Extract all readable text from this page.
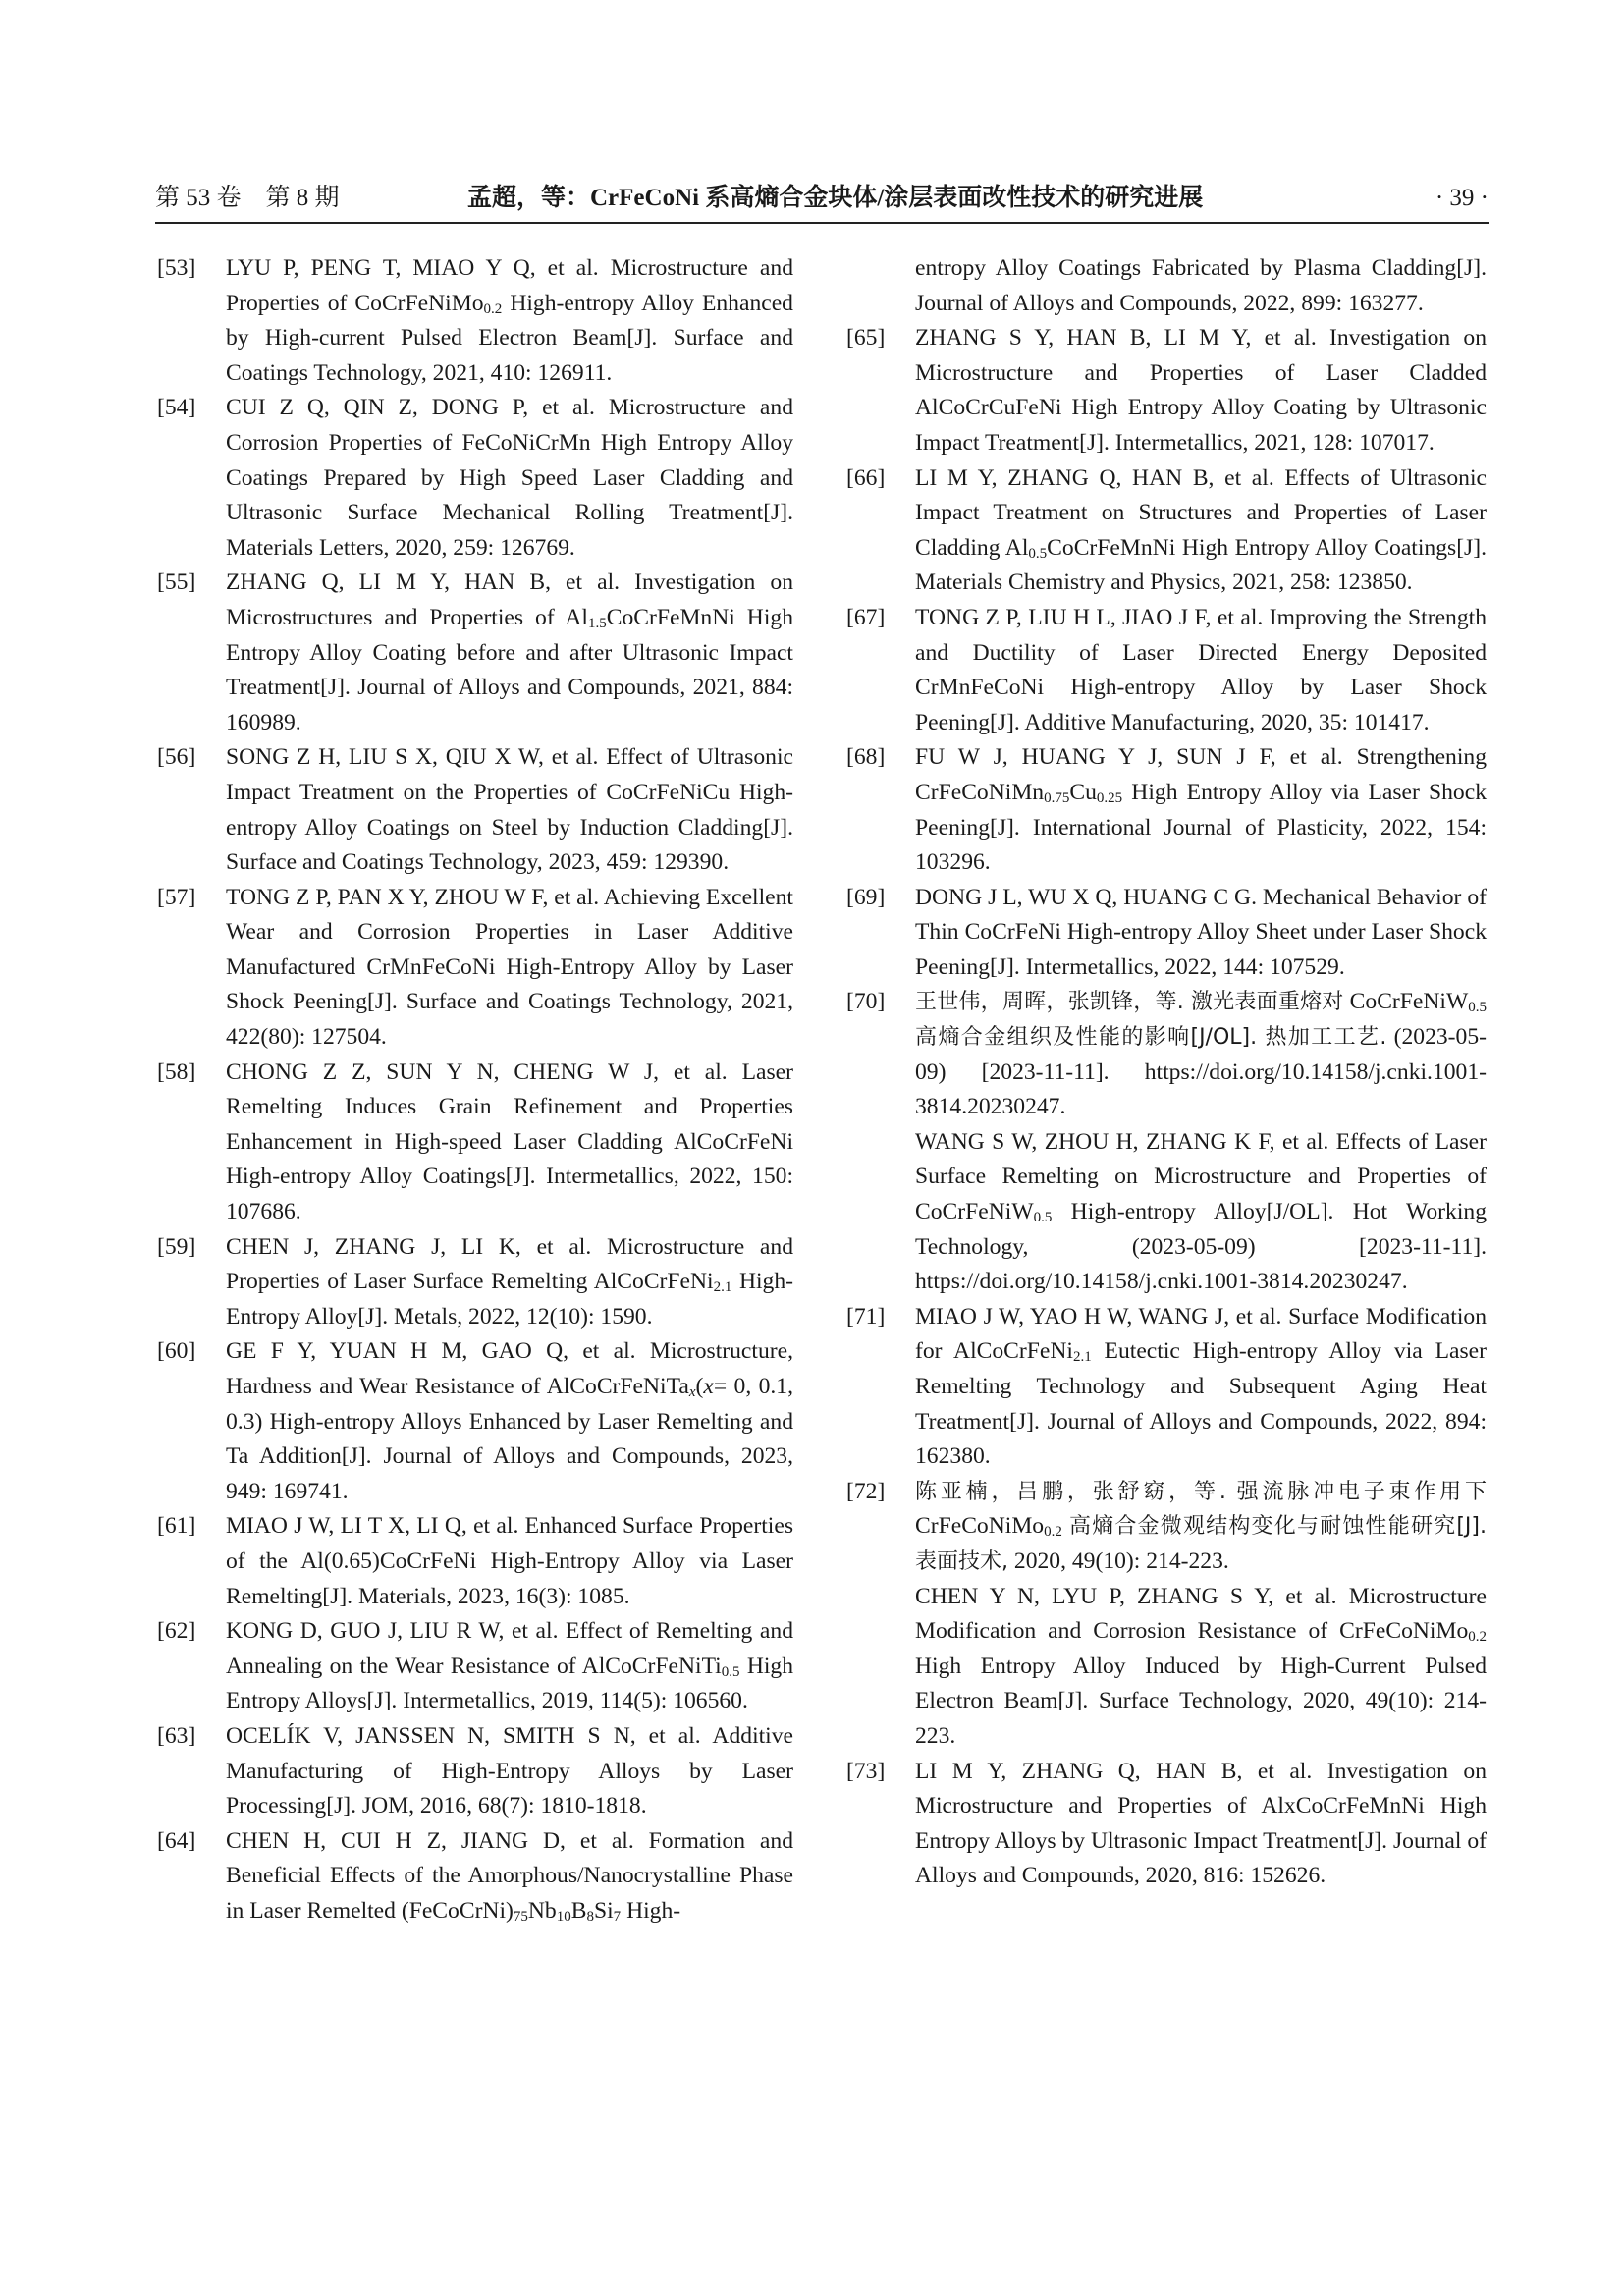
第 53 卷　第 8 期	孟超，等：CrFeCoNi 系高熵合金块体/涂层表面改性技术的研究进展	· 39 ·
[53]	LYU P, PENG T, MIAO Y Q, et al. Microstructure and Properties of CoCrFeNiMo$_{0.2}$ High-entropy Alloy Enhanced by High-current Pulsed Electron Beam[J]. Surface and Coatings Technology, 2021, 410: 126911.
[54]	CUI Z Q, QIN Z, DONG P, et al. Microstructure and Corrosion Properties of FeCoNiCrMn High Entropy Alloy Coatings Prepared by High Speed Laser Cladding and Ultrasonic Surface Mechanical Rolling Treatment[J]. Materials Letters, 2020, 259: 126769.
[55]	ZHANG Q, LI M Y, HAN B, et al. Investigation on Microstructures and Properties of $Al_{1.5}CoCrFeMnNi$ High Entropy Alloy Coating before and after Ultrasonic Impact Treatment[J]. Journal of Alloys and Compounds, 2021, 884: 160989.
[56]	SONG Z H, LIU S X, QIU X W, et al. Effect of Ultrasonic Impact Treatment on the Properties of CoCrFeNiCu High-entropy Alloy Coatings on Steel by Induction Cladding[J]. Surface and Coatings Technology, 2023, 459: 129390.
[57]	TONG Z P, PAN X Y, ZHOU W F, et al. Achieving Excellent Wear and Corrosion Properties in Laser Additive Manufactured CrMnFeCoNi High-Entropy Alloy by Laser Shock Peening[J]. Surface and Coatings Technology, 2021, 422(80): 127504.
[58]	CHONG Z Z, SUN Y N, CHENG W J, et al. Laser Remelting Induces Grain Refinement and Properties Enhancement in High-speed Laser Cladding AlCoCrFeNi High-entropy Alloy Coatings[J]. Intermetallics, 2022, 150: 107686.
[59]	CHEN J, ZHANG J, LI K, et al. Microstructure and Properties of Laser Surface Remelting AlCoCrFeNi$_{2.1}$ High-Entropy Alloy[J]. Metals, 2022, 12(10): 1590.
[60]	GE F Y, YUAN H M, GAO Q, et al. Microstructure, Hardness and Wear Resistance of AlCoCrFeNiTa$_x$(x= 0, 0.1, 0.3) High-entropy Alloys Enhanced by Laser Remelting and Ta Addition[J]. Journal of Alloys and Compounds, 2023, 949: 169741.
[61]	MIAO J W, LI T X, LI Q, et al. Enhanced Surface Properties of the Al(0.65)CoCrFeNi High-Entropy Alloy via Laser Remelting[J]. Materials, 2023, 16(3): 1085.
[62]	KONG D, GUO J, LIU R W, et al. Effect of Remelting and Annealing on the Wear Resistance of AlCoCrFeNiTi$_{0.5}$ High Entropy Alloys[J]. Intermetallics, 2019, 114(5): 106560.
[63]	OCELÍK V, JANSSEN N, SMITH S N, et al. Additive Manufacturing of High-Entropy Alloys by Laser Processing[J]. JOM, 2016, 68(7): 1810-1818.
[64]	CHEN H, CUI H Z, JIANG D, et al. Formation and Beneficial Effects of the Amorphous/Nanocrystalline Phase in Laser Remelted $(FeCoCrNi)_{75}Nb_{10}B_8Si_7$ High-
entropy Alloy Coatings Fabricated by Plasma Cladding[J]. Journal of Alloys and Compounds, 2022, 899: 163277.
[65]	ZHANG S Y, HAN B, LI M Y, et al. Investigation on Microstructure and Properties of Laser Cladded AlCoCrCuFeNi High Entropy Alloy Coating by Ultrasonic Impact Treatment[J]. Intermetallics, 2021, 128: 107017.
[66]	LI M Y, ZHANG Q, HAN B, et al. Effects of Ultrasonic Impact Treatment on Structures and Properties of Laser Cladding $Al_{0.5}CoCrFeMnNi$ High Entropy Alloy Coatings[J]. Materials Chemistry and Physics, 2021, 258: 123850.
[67]	TONG Z P, LIU H L, JIAO J F, et al. Improving the Strength and Ductility of Laser Directed Energy Deposited CrMnFeCoNi High-entropy Alloy by Laser Shock Peening[J]. Additive Manufacturing, 2020, 35: 101417.
[68]	FU W J, HUANG Y J, SUN J F, et al. Strengthening $CrFeCoNiMn_{0.75}Cu_{0.25}$ High Entropy Alloy via Laser Shock Peening[J]. International Journal of Plasticity, 2022, 154: 103296.
[69]	DONG J L, WU X Q, HUANG C G. Mechanical Behavior of Thin CoCrFeNi High-entropy Alloy Sheet under Laser Shock Peening[J]. Intermetallics, 2022, 144: 107529.
[70]	王世伟，周晖，张凯锋，等. 激光表面重熔对 CoCrFeNiW$_{0.5}$ 高熵合金组织及性能的影响[J/OL]. 热加工工艺. (2023-05-09) [2023-11-11]. https://doi.org/10.14158/j.cnki.1001-3814.20230247.
WANG S W, ZHOU H, ZHANG K F, et al. Effects of Laser Surface Remelting on Microstructure and Properties of CoCrFeNiW$_{0.5}$ High-entropy Alloy[J/OL]. Hot Working Technology, (2023-05-09) [2023-11-11]. https://doi.org/10.14158/j.cnki.1001-3814.20230247.
[71]	MIAO J W, YAO H W, WANG J, et al. Surface Modification for AlCoCrFeNi$_{2.1}$ Eutectic High-entropy Alloy via Laser Remelting Technology and Subsequent Aging Heat Treatment[J]. Journal of Alloys and Compounds, 2022, 894: 162380.
[72]	陈亚楠，吕鹏，张舒窈，等. 强流脉冲电子束作用下 CrFeCoNiMo$_{0.2}$ 高熵合金微观结构变化与耐蚀性能研究[J]. 表面技术, 2020, 49(10): 214-223.
CHEN Y N, LYU P, ZHANG S Y, et al. Microstructure Modification and Corrosion Resistance of CrFeCoNiMo$_{0.2}$ High Entropy Alloy Induced by High-Current Pulsed Electron Beam[J]. Surface Technology, 2020, 49(10): 214-223.
[73]	LI M Y, ZHANG Q, HAN B, et al. Investigation on Microstructure and Properties of AlxCoCrFeMnNi High Entropy Alloys by Ultrasonic Impact Treatment[J]. Journal of Alloys and Compounds, 2020, 816: 152626.
